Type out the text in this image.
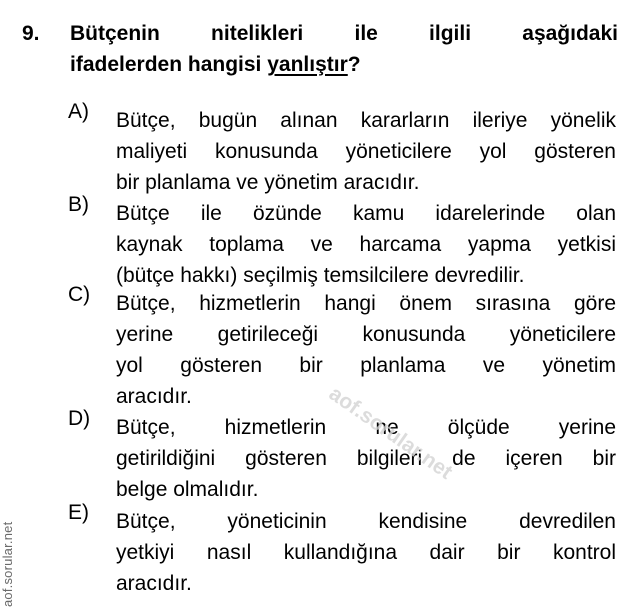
9. Bütçenin nitelikleri ile ilgili aşağıdaki
ifadelerden hangisi yanlıştır?
A) Bütçe, bugün alınan kararların ileriye yönelik
maliyeti konusunda yöneticilere yol gösteren
bir planlama ve yönetim aracıdır.
B) Bütçe ile özünde kamu idarelerinde olan
kaynak toplama ve harcama yapma yetkisi
(bütçe hakkı) seçilmiş temsilcilere devredilir.
C) Bütçe, hizmetlerin hangi önem sırasına göre
yerine getirileceği konusunda yöneticilere
yol gösteren bir planlama ve yönetim
aracıdır.
D) Bütçe, hizmetlerin ne ölçüde yerine
getirildiğini gösteren bilgileri de içeren bir
belge olmalıdır.
E) Bütçe, yöneticinin kendisine devredilen
yetkiyi nasıl kullandığına dair bir kontrol
aracıdır.
aof.sorular.net
aof.sorular.net
